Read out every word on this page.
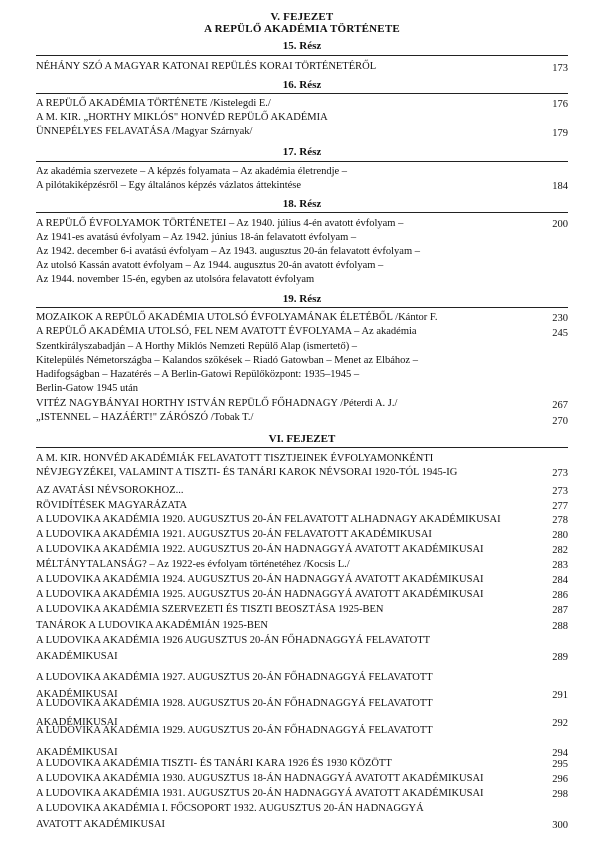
V. FEJEZET
A REPÜLŐ AKADÉMIA TÖRTÉNETE
15. Rész
NÉHÁNY SZÓ A MAGYAR KATONAI REPÜLÉS KORAI TÖRTÉNETÉRŐL	173
16. Rész
A REPÜLŐ AKADÉMIA TÖRTÉNETE /Kistelegdi E./	176
A M. KIR. „HORTHY MIKLÓS" HONVÉD REPÜLŐ AKADÉMIA
ÜNNEPÉLYES FELAVATÁSA /Magyar Szárnyak/	179
17. Rész
Az akadémia szervezete – A képzés folyamata – Az akadémia életrendje –
A pilótakiképzésről – Egy általános képzés vázlatos áttekintése	184
18. Rész
A REPÜLŐ ÉVFOLYAMOK TÖRTÉNETEI – Az 1940. július 4-én avatott évfolyam –	200
Az 1941-es avatású évfolyam – Az 1942. június 18-án felavatott évfolyam –
Az 1942. december 6-i avatású évfolyam – Az 1943. augusztus 20-án felavatott évfolyam –
Az utolsó Kassán avatott évfolyam – Az 1944. augusztus 20-án avatott évfolyam –
Az 1944. november 15-én, egyben az utolsóra felavatott évfolyam
19. Rész
MOZAIKOK A REPÜLŐ AKADÉMIA UTOLSÓ ÉVFOLYAMÁNAK ÉLETÉBŐL /Kántor F.	230
A REPÜLŐ AKADÉMIA UTOLSÓ, FEL NEM AVATOTT ÉVFOLYAMA – Az akadémia	245
Szentkirályszabadján – A Horthy Miklós Nemzeti Repülő Alap (ismertető) –
Kitelepülés Németországba – Kalandos szökések – Riadó Gatowban – Menet az Elbához –
Hadifogságban – Hazatérés – A Berlin-Gatowi Repülőközpont: 1935–1945 –
Berlin-Gatow 1945 után
VITÉZ NAGYBÁNYAI HORTHY ISTVÁN REPÜLŐ FŐHADNAGY /Péterdi A. J./	267
„ISTENNEL – HAZÁÉRT!" ZÁRÓSZÓ /Tobak T./	270
VI. FEJEZET
A M. KIR. HONVÉD AKADÉMIÁK FELAVATOTT TISZTJEINEK ÉVFOLYAMONKÉNTI
NÉVJEGYZÉKEI, VALAMINT A TISZTI- ÉS TANÁRI KAROK NÉVSORAI 1920-TÓL 1945-IG	273
AZ AVATÁSI NÉVSOROKHOZ...	273
RÖVIDÍTÉSEK MAGYARÁZATA	277
A LUDOVIKA AKADÉMIA 1920. AUGUSZTUS 20-ÁN FELAVATOTT ALHADNAGY AKADÉMIKUSAI	278
A LUDOVIKA AKADÉMIA 1921. AUGUSZTUS 20-ÁN FELAVATOTT AKADÉMIKUSAI	280
A LUDOVIKA AKADÉMIA 1922. AUGUSZTUS 20-ÁN HADNAGGYÁ AVATOTT AKADÉMIKUSAI	282
MÉLTÁNYTALANSÁG? – Az 1922-es évfolyam történetéhez /Kocsis L./	283
A LUDOVIKA AKADÉMIA 1924. AUGUSZTUS 20-ÁN HADNAGGYÁ AVATOTT AKADÉMIKUSAI	284
A LUDOVIKA AKADÉMIA 1925. AUGUSZTUS 20-ÁN HADNAGGYÁ AVATOTT AKADÉMIKUSAI	286
A LUDOVIKA AKADÉMIA SZERVEZETI ÉS TISZTI BEOSZTÁSA 1925-BEN	287
TANÁROK A LUDOVIKA AKADÉMIÁN 1925-BEN	288
A LUDOVIKA AKADÉMIA 1926 AUGUSZTUS 20-ÁN FŐHADNAGGYÁ FELAVATOTT
AKADÉMIKUSAI	289
A LUDOVIKA AKADÉMIA 1927. AUGUSZTUS 20-ÁN FŐHADNAGGYÁ FELAVATOTT
AKADÉMIKUSAI	291
A LUDOVIKA AKADÉMIA 1928. AUGUSZTUS 20-ÁN FŐHADNAGGYÁ FELAVATOTT
AKADÉMIKUSAI	292
A LUDOVIKA AKADÉMIA 1929. AUGUSZTUS 20-ÁN FŐHADNAGGYÁ FELAVATOTT
AKADÉMIKUSAI	294
A LUDOVIKA AKADÉMIA TISZTI- ÉS TANÁRI KARA 1926 ÉS 1930 KÖZÖTT	295
A LUDOVIKA AKADÉMIA 1930. AUGUSZTUS 18-ÁN HADNAGGYÁ AVATOTT AKADÉMIKUSAI	296
A LUDOVIKA AKADÉMIA 1931. AUGUSZTUS 20-ÁN HADNAGGYÁ AVATOTT AKADÉMIKUSAI	298
A LUDOVIKA AKADÉMIA I. FŐCSOPORT 1932. AUGUSZTUS 20-ÁN HADNAGGYÁ
AVATOTT AKADÉMIKUSAI	300
